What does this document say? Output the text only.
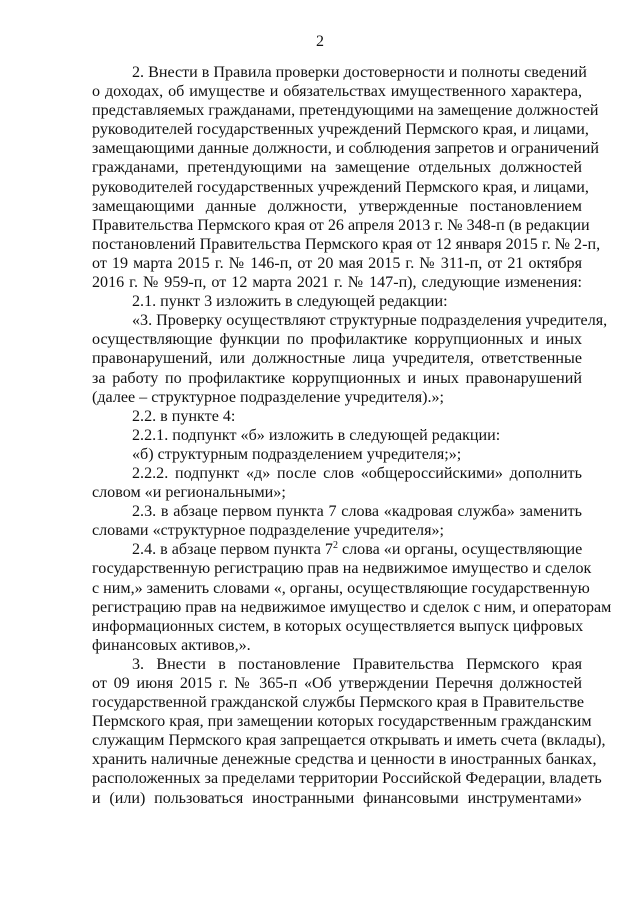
2

2. Внести в Правила проверки достоверности и полноты сведений
о доходах, об имуществе и обязательствах имущественного характера,
представляемых гражданами, претендующими на замещение должностей
руководителей государственных учреждений Пермского края, и лицами,
замещающими данные должности, и соблюдения запретов и ограничений
гражданами, претендующими на замещение отдельных должностей
руководителей государственных учреждений Пермского края, и лицами,
замещающими данные должности, утвержденные постановлением
Правительства Пермского края от 26 апреля 2013 г. № 348-п (в редакции
постановлений Правительства Пермского края от 12 января 2015 г. № 2-п,
от 19 марта 2015 г. № 146-п, от 20 мая 2015 г. № 311-п, от 21 октября
2016 г. № 959-п, от 12 марта 2021 г. № 147-п), следующие изменения:

2.1. пункт 3 изложить в следующей редакции:

«3. Проверку осуществляют структурные подразделения учредителя,
осуществляющие функции по профилактике коррупционных и иных
правонарушений, или должностные лица учредителя, ответственные
за работу по профилактике коррупционных и иных правонарушений
(далее – структурное подразделение учредителя).»;

2.2. в пункте 4:

2.2.1. подпункт «б» изложить в следующей редакции:

«б) структурным подразделением учредителя;»;

2.2.2. подпункт «д» после слов «общероссийскими» дополнить
словом «и региональными»;

2.3. в абзаце первом пункта 7 слова «кадровая служба» заменить
словами «структурное подразделение учредителя»;

2.4. в абзаце первом пункта $7^2$ слова «и органы, осуществляющие
государственную регистрацию прав на недвижимое имущество и сделок
с ним,» заменить словами «, органы, осуществляющие государственную
регистрацию прав на недвижимое имущество и сделок с ним, и операторам
информационных систем, в которых осуществляется выпуск цифровых
финансовых активов,».

3. Внести в постановление Правительства Пермского края
от 09 июня 2015 г. № 365-п «Об утверждении Перечня должностей
государственной гражданской службы Пермского края в Правительстве
Пермского края, при замещении которых государственным гражданским
служащим Пермского края запрещается открывать и иметь счета (вклады),
хранить наличные денежные средства и ценности в иностранных банках,
расположенных за пределами территории Российской Федерации, владеть
и (или) пользоваться иностранными финансовыми инструментами»
